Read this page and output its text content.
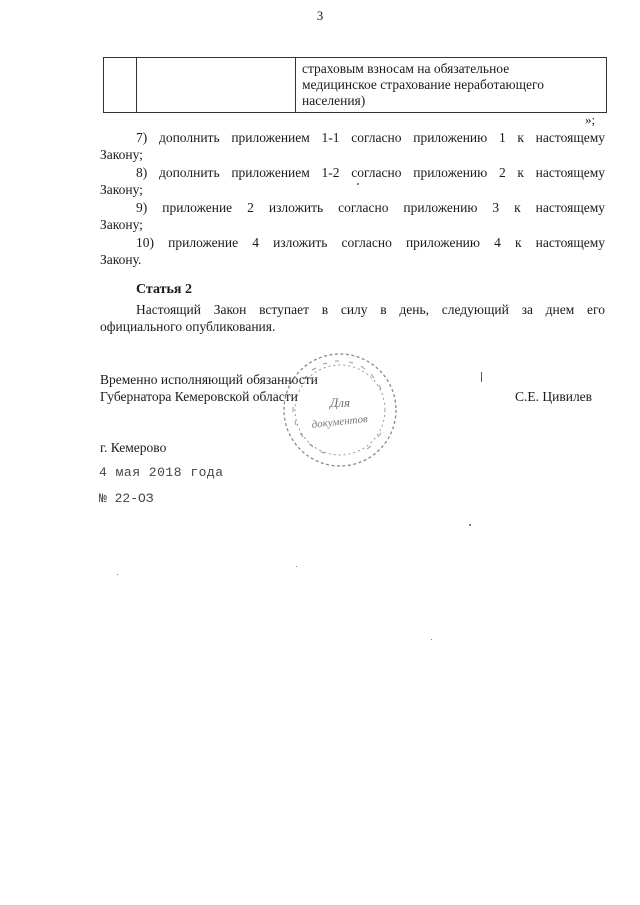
3

страховым взносам на обязательное
медицинское страхование неработающего
населения)
»;
7) дополнить приложением 1-1 согласно приложению 1 к настоящему
Закону;
8) дополнить приложением 1-2 согласно приложению 2 к настоящему
Закону;
9) приложение 2 изложить согласно приложению 3 к настоящему
Закону;
10) приложение 4 изложить согласно приложению 4 к настоящему
Закону.
Статья 2
Настоящий Закон вступает в силу в день, следующий за днем его
официального опубликования.
Для
документов
Временно исполняющий обязанности
Губернатора Кемеровской области	С.Е. Цивилев
г. Кемерово
4 мая 2018 года
№ 22-ОЗ
